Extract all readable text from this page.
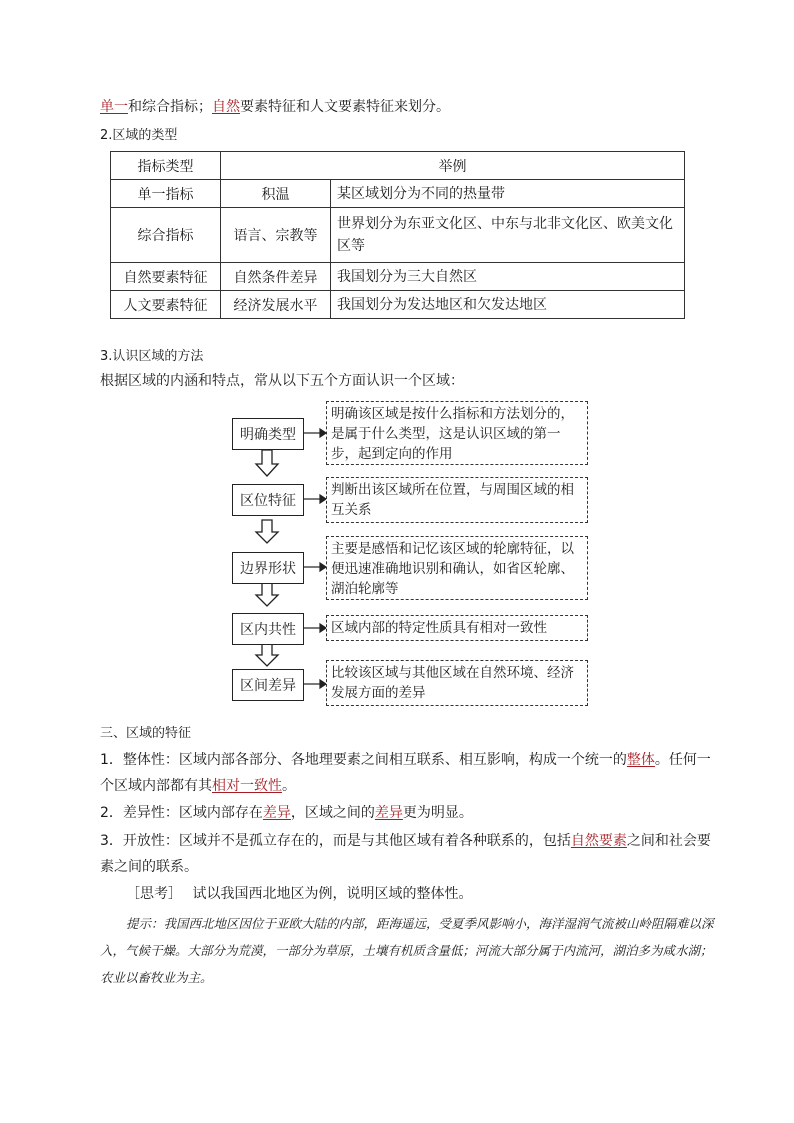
单一和综合指标；自然要素特征和人文要素特征来划分。
2.区域的类型
指标类型	举例	
单一指标	积温	某区域划分为不同的热量带
综合指标	语言、宗教等	世界划分为东亚文化区、中东与北非文化区、欧美文化区等
自然要素特征	自然条件差异	我国划分为三大自然区
人文要素特征	经济发展水平	我国划分为发达地区和欠发达地区
3.认识区域的方法
根据区域的内涵和特点，常从以下五个方面认识一个区域：
明确类型
区位特征
边界形状
区内共性
区间差异
明确该区域是按什么指标和方法划分的，是属于什么类型，这是认识区域的第一步，起到定向的作用
判断出该区域所在位置，与周围区域的相互关系
主要是感悟和记忆该区域的轮廓特征，以便迅速准确地识别和确认，如省区轮廓、湖泊轮廓等
区域内部的特定性质具有相对一致性
比较该区域与其他区域在自然环境、经济发展方面的差异
三、区域的特征
1．整体性：区域内部各部分、各地理要素之间相互联系、相互影响，构成一个统一的整体。任何一个区域内部都有其相对一致性。
2．差异性：区域内部存在差异，区域之间的差异更为明显。
3．开放性：区域并不是孤立存在的，而是与其他区域有着各种联系的，包括自然要素之间和社会要素之间的联系。
［思考］ 试以我国西北地区为例，说明区域的整体性。
提示：我国西北地区因位于亚欧大陆的内部，距海遥远，受夏季风影响小，海洋湿润气流被山岭阻隔难以深入，气候干燥。大部分为荒漠，一部分为草原，土壤有机质含量低；河流大部分属于内流河，湖泊多为咸水湖；农业以畜牧业为主。
